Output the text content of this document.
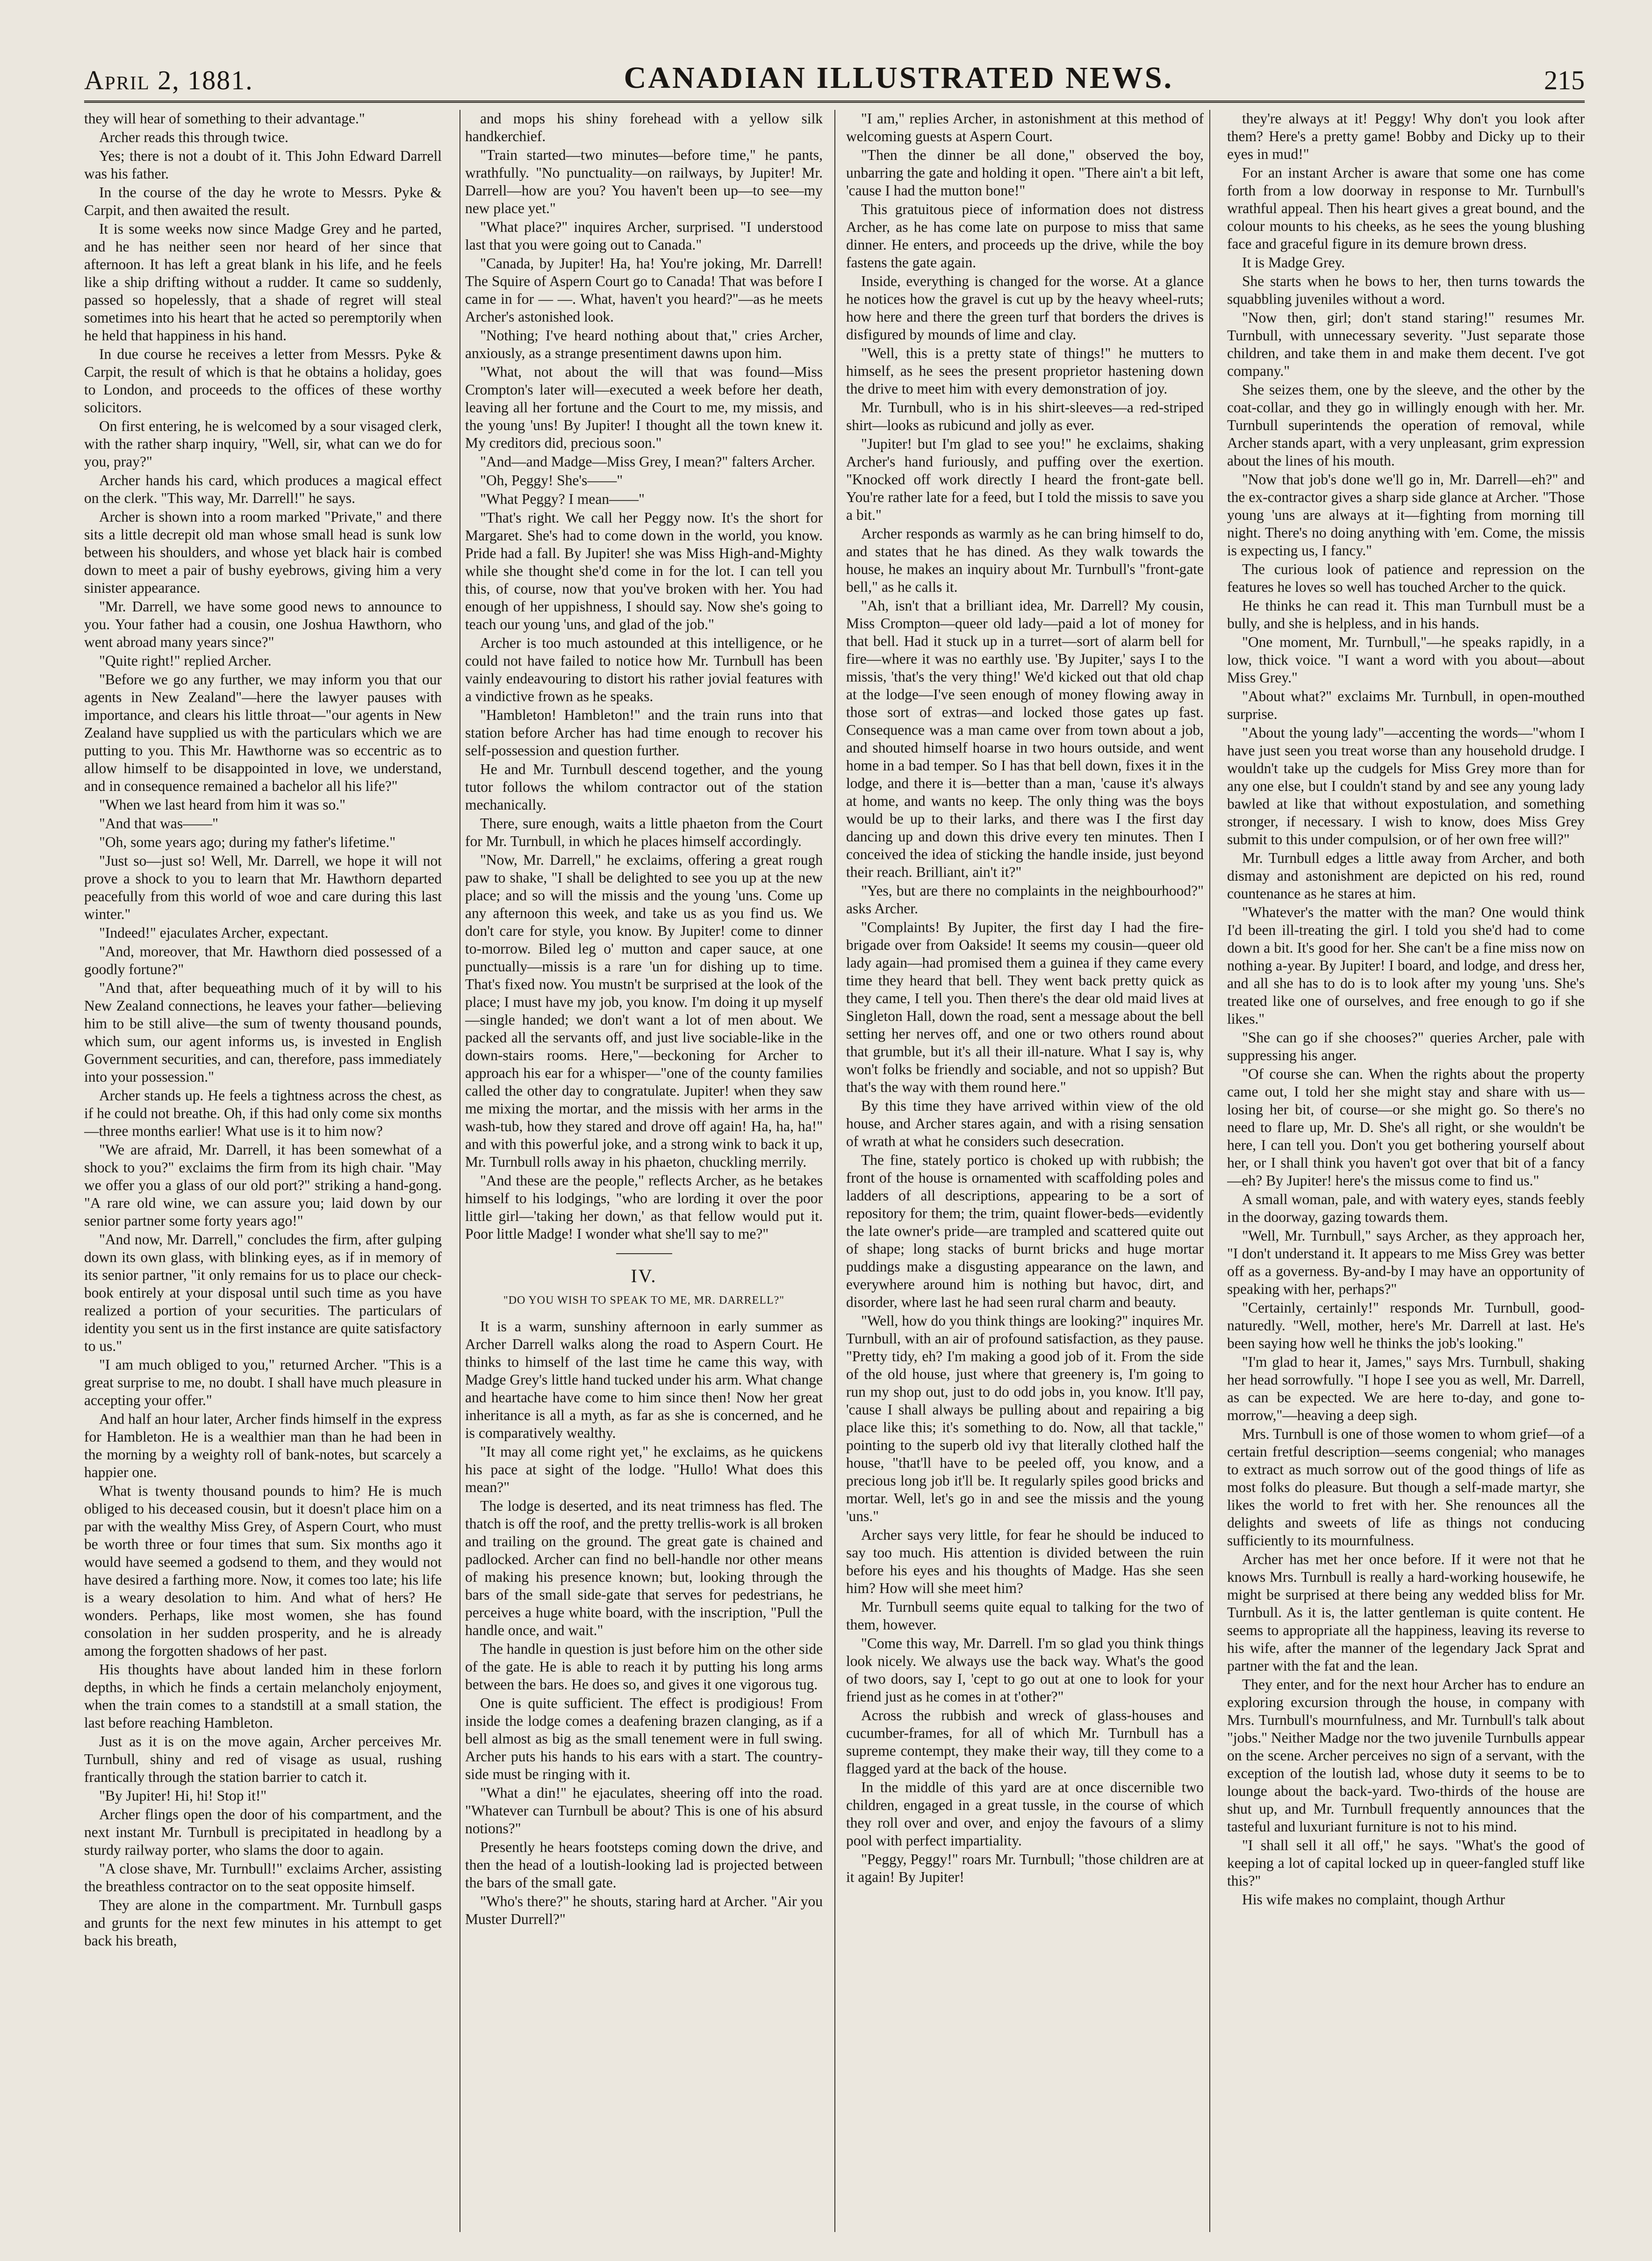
April 2, 1881.	CANADIAN ILLUSTRATED NEWS.	215

they will hear of something to their advantage."

Archer reads this through twice.

Yes; there is not a doubt of it. This John Edward Darrell was his father.

In the course of the day he wrote to Messrs. Pyke & Carpit, and then awaited the result.

It is some weeks now since Madge Grey and he parted, and he has neither seen nor heard of her since that afternoon. It has left a great blank in his life, and he feels like a ship drifting without a rudder. It came so suddenly, passed so hopelessly, that a shade of regret will steal sometimes into his heart that he acted so peremptorily when he held that happiness in his hand.

In due course he receives a letter from Messrs. Pyke & Carpit, the result of which is that he obtains a holiday, goes to London, and proceeds to the offices of these worthy solicitors.

On first entering, he is welcomed by a sour visaged clerk, with the rather sharp inquiry, "Well, sir, what can we do for you, pray?"

Archer hands his card, which produces a magical effect on the clerk. "This way, Mr. Darrell!" he says.

Archer is shown into a room marked "Private," and there sits a little decrepit old man whose small head is sunk low between his shoulders, and whose yet black hair is combed down to meet a pair of bushy eyebrows, giving him a very sinister appearance.

"Mr. Darrell, we have some good news to announce to you. Your father had a cousin, one Joshua Hawthorn, who went abroad many years since?"

"Quite right!" replied Archer.

"Before we go any further, we may inform you that our agents in New Zealand"—here the lawyer pauses with importance, and clears his little throat—"our agents in New Zealand have supplied us with the particulars which we are putting to you. This Mr. Hawthorne was so eccentric as to allow himself to be disappointed in love, we understand, and in consequence remained a bachelor all his life?"

"When we last heard from him it was so."

"And that was——"

"Oh, some years ago; during my father's lifetime."

"Just so—just so! Well, Mr. Darrell, we hope it will not prove a shock to you to learn that Mr. Hawthorn departed peacefully from this world of woe and care during this last winter."

"Indeed!" ejaculates Archer, expectant.

"And, moreover, that Mr. Hawthorn died possessed of a goodly fortune?"

"And that, after bequeathing much of it by will to his New Zealand connections, he leaves your father—believing him to be still alive—the sum of twenty thousand pounds, which sum, our agent informs us, is invested in English Government securities, and can, therefore, pass immediately into your possession."

Archer stands up. He feels a tightness across the chest, as if he could not breathe. Oh, if this had only come six months—three months earlier! What use is it to him now?

"We are afraid, Mr. Darrell, it has been somewhat of a shock to you?" exclaims the firm from its high chair. "May we offer you a glass of our old port?" striking a hand-gong. "A rare old wine, we can assure you; laid down by our senior partner some forty years ago!"

"And now, Mr. Darrell," concludes the firm, after gulping down its own glass, with blinking eyes, as if in memory of its senior partner, "it only remains for us to place our check-book entirely at your disposal until such time as you have realized a portion of your securities. The particulars of identity you sent us in the first instance are quite satisfactory to us."

"I am much obliged to you," returned Archer. "This is a great surprise to me, no doubt. I shall have much pleasure in accepting your offer."

And half an hour later, Archer finds himself in the express for Hambleton. He is a wealthier man than he had been in the morning by a weighty roll of bank-notes, but scarcely a happier one.

What is twenty thousand pounds to him? He is much obliged to his deceased cousin, but it doesn't place him on a par with the wealthy Miss Grey, of Aspern Court, who must be worth three or four times that sum. Six months ago it would have seemed a godsend to them, and they would not have desired a farthing more. Now, it comes too late; his life is a weary desolation to him. And what of hers? He wonders. Perhaps, like most women, she has found consolation in her sudden prosperity, and he is already among the forgotten shadows of her past.

His thoughts have about landed him in these forlorn depths, in which he finds a certain melancholy enjoyment, when the train comes to a standstill at a small station, the last before reaching Hambleton.

Just as it is on the move again, Archer perceives Mr. Turnbull, shiny and red of visage as usual, rushing frantically through the station barrier to catch it.

"By Jupiter! Hi, hi! Stop it!"

Archer flings open the door of his compartment, and the next instant Mr. Turnbull is precipitated in headlong by a sturdy railway porter, who slams the door to again.

"A close shave, Mr. Turnbull!" exclaims Archer, assisting the breathless contractor on to the seat opposite himself.

They are alone in the compartment. Mr. Turnbull gasps and grunts for the next few minutes in his attempt to get back his breath,

and mops his shiny forehead with a yellow silk handkerchief.

"Train started—two minutes—before time," he pants, wrathfully. "No punctuality—on railways, by Jupiter! Mr. Darrell—how are you? You haven't been up—to see—my new place yet."

"What place?" inquires Archer, surprised. "I understood last that you were going out to Canada."

"Canada, by Jupiter! Ha, ha! You're joking, Mr. Darrell! The Squire of Aspern Court go to Canada! That was before I came in for — —. What, haven't you heard?"—as he meets Archer's astonished look.

"Nothing; I've heard nothing about that," cries Archer, anxiously, as a strange presentiment dawns upon him.

"What, not about the will that was found—Miss Crompton's later will—executed a week before her death, leaving all her fortune and the Court to me, my missis, and the young 'uns! By Jupiter! I thought all the town knew it. My creditors did, precious soon."

"And—and Madge—Miss Grey, I mean?" falters Archer.

"Oh, Peggy! She's——"

"What Peggy? I mean——"

"That's right. We call her Peggy now. It's the short for Margaret. She's had to come down in the world, you know. Pride had a fall. By Jupiter! she was Miss High-and-Mighty while she thought she'd come in for the lot. I can tell you this, of course, now that you've broken with her. You had enough of her uppishness, I should say. Now she's going to teach our young 'uns, and glad of the job."

Archer is too much astounded at this intelligence, or he could not have failed to notice how Mr. Turnbull has been vainly endeavouring to distort his rather jovial features with a vindictive frown as he speaks.

"Hambleton! Hambleton!" and the train runs into that station before Archer has had time enough to recover his self-possession and question further.

He and Mr. Turnbull descend together, and the young tutor follows the whilom contractor out of the station mechanically.

There, sure enough, waits a little phaeton from the Court for Mr. Turnbull, in which he places himself accordingly.

"Now, Mr. Darrell," he exclaims, offering a great rough paw to shake, "I shall be delighted to see you up at the new place; and so will the missis and the young 'uns. Come up any afternoon this week, and take us as you find us. We don't care for style, you know. By Jupiter! come to dinner to-morrow. Biled leg o' mutton and caper sauce, at one punctually—missis is a rare 'un for dishing up to time. That's fixed now. You mustn't be surprised at the look of the place; I must have my job, you know. I'm doing it up myself—single handed; we don't want a lot of men about. We packed all the servants off, and just live sociable-like in the down-stairs rooms. Here,"—beckoning for Archer to approach his ear for a whisper—"one of the county families called the other day to congratulate. Jupiter! when they saw me mixing the mortar, and the missis with her arms in the wash-tub, how they stared and drove off again! Ha, ha, ha!" and with this powerful joke, and a strong wink to back it up, Mr. Turnbull rolls away in his phaeton, chuckling merrily.

"And these are the people," reflects Archer, as he betakes himself to his lodgings, "who are lording it over the poor little girl—'taking her down,' as that fellow would put it. Poor little Madge! I wonder what she'll say to me?"

IV.
"DO YOU WISH TO SPEAK TO ME, MR. DARRELL?"

It is a warm, sunshiny afternoon in early summer as Archer Darrell walks along the road to Aspern Court. He thinks to himself of the last time he came this way, with Madge Grey's little hand tucked under his arm. What change and heartache have come to him since then! Now her great inheritance is all a myth, as far as she is concerned, and he is comparatively wealthy.

"It may all come right yet," he exclaims, as he quickens his pace at sight of the lodge. "Hullo! What does this mean?"

The lodge is deserted, and its neat trimness has fled. The thatch is off the roof, and the pretty trellis-work is all broken and trailing on the ground. The great gate is chained and padlocked. Archer can find no bell-handle nor other means of making his presence known; but, looking through the bars of the small side-gate that serves for pedestrians, he perceives a huge white board, with the inscription, "Pull the handle once, and wait."

The handle in question is just before him on the other side of the gate. He is able to reach it by putting his long arms between the bars. He does so, and gives it one vigorous tug.

One is quite sufficient. The effect is prodigious! From inside the lodge comes a deafening brazen clanging, as if a bell almost as big as the small tenement were in full swing. Archer puts his hands to his ears with a start. The country-side must be ringing with it.

"What a din!" he ejaculates, sheering off into the road. "Whatever can Turnbull be about? This is one of his absurd notions?"

Presently he hears footsteps coming down the drive, and then the head of a loutish-looking lad is projected between the bars of the small gate.

"Who's there?" he shouts, staring hard at Archer. "Air you Muster Durrell?"

"I am," replies Archer, in astonishment at this method of welcoming guests at Aspern Court.

"Then the dinner be all done," observed the boy, unbarring the gate and holding it open. "There ain't a bit left, 'cause I had the mutton bone!"

This gratuitous piece of information does not distress Archer, as he has come late on purpose to miss that same dinner. He enters, and proceeds up the drive, while the boy fastens the gate again.

Inside, everything is changed for the worse. At a glance he notices how the gravel is cut up by the heavy wheel-ruts; how here and there the green turf that borders the drives is disfigured by mounds of lime and clay.

"Well, this is a pretty state of things!" he mutters to himself, as he sees the present proprietor hastening down the drive to meet him with every demonstration of joy.

Mr. Turnbull, who is in his shirt-sleeves—a red-striped shirt—looks as rubicund and jolly as ever.

"Jupiter! but I'm glad to see you!" he exclaims, shaking Archer's hand furiously, and puffing over the exertion. "Knocked off work directly I heard the front-gate bell. You're rather late for a feed, but I told the missis to save you a bit."

Archer responds as warmly as he can bring himself to do, and states that he has dined. As they walk towards the house, he makes an inquiry about Mr. Turnbull's "front-gate bell," as he calls it.

"Ah, isn't that a brilliant idea, Mr. Darrell? My cousin, Miss Crompton—queer old lady—paid a lot of money for that bell. Had it stuck up in a turret—sort of alarm bell for fire—where it was no earthly use. 'By Jupiter,' says I to the missis, 'that's the very thing!' We'd kicked out that old chap at the lodge—I've seen enough of money flowing away in those sort of extras—and locked those gates up fast. Consequence was a man came over from town about a job, and shouted himself hoarse in two hours outside, and went home in a bad temper. So I has that bell down, fixes it in the lodge, and there it is—better than a man, 'cause it's always at home, and wants no keep. The only thing was the boys would be up to their larks, and there was I the first day dancing up and down this drive every ten minutes. Then I conceived the idea of sticking the handle inside, just beyond their reach. Brilliant, ain't it?"

"Yes, but are there no complaints in the neighbourhood?" asks Archer.

"Complaints! By Jupiter, the first day I had the fire-brigade over from Oakside! It seems my cousin—queer old lady again—had promised them a guinea if they came every time they heard that bell. They went back pretty quick as they came, I tell you. Then there's the dear old maid lives at Singleton Hall, down the road, sent a message about the bell setting her nerves off, and one or two others round about that grumble, but it's all their ill-nature. What I say is, why won't folks be friendly and sociable, and not so uppish? But that's the way with them round here."

By this time they have arrived within view of the old house, and Archer stares again, and with a rising sensation of wrath at what he considers such desecration.

The fine, stately portico is choked up with rubbish; the front of the house is ornamented with scaffolding poles and ladders of all descriptions, appearing to be a sort of repository for them; the trim, quaint flower-beds—evidently the late owner's pride—are trampled and scattered quite out of shape; long stacks of burnt bricks and huge mortar puddings make a disgusting appearance on the lawn, and everywhere around him is nothing but havoc, dirt, and disorder, where last he had seen rural charm and beauty.

"Well, how do you think things are looking?" inquires Mr. Turnbull, with an air of profound satisfaction, as they pause. "Pretty tidy, eh? I'm making a good job of it. From the side of the old house, just where that greenery is, I'm going to run my shop out, just to do odd jobs in, you know. It'll pay, 'cause I shall always be pulling about and repairing a big place like this; it's something to do. Now, all that tackle," pointing to the superb old ivy that literally clothed half the house, "that'll have to be peeled off, you know, and a precious long job it'll be. It regularly spiles good bricks and mortar. Well, let's go in and see the missis and the young 'uns."

Archer says very little, for fear he should be induced to say too much. His attention is divided between the ruin before his eyes and his thoughts of Madge. Has she seen him? How will she meet him?

Mr. Turnbull seems quite equal to talking for the two of them, however.

"Come this way, Mr. Darrell. I'm so glad you think things look nicely. We always use the back way. What's the good of two doors, say I, 'cept to go out at one to look for your friend just as he comes in at t'other?"

Across the rubbish and wreck of glass-houses and cucumber-frames, for all of which Mr. Turnbull has a supreme contempt, they make their way, till they come to a flagged yard at the back of the house.

In the middle of this yard are at once discernible two children, engaged in a great tussle, in the course of which they roll over and over, and enjoy the favours of a slimy pool with perfect impartiality.

"Peggy, Peggy!" roars Mr. Turnbull; "those children are at it again! By Jupiter!

they're always at it! Peggy! Why don't you look after them? Here's a pretty game! Bobby and Dicky up to their eyes in mud!"

For an instant Archer is aware that some one has come forth from a low doorway in response to Mr. Turnbull's wrathful appeal. Then his heart gives a great bound, and the colour mounts to his cheeks, as he sees the young blushing face and graceful figure in its demure brown dress.

It is Madge Grey.

She starts when he bows to her, then turns towards the squabbling juveniles without a word.

"Now then, girl; don't stand staring!" resumes Mr. Turnbull, with unnecessary severity. "Just separate those children, and take them in and make them decent. I've got company."

She seizes them, one by the sleeve, and the other by the coat-collar, and they go in willingly enough with her. Mr. Turnbull superintends the operation of removal, while Archer stands apart, with a very unpleasant, grim expression about the lines of his mouth.

"Now that job's done we'll go in, Mr. Darrell—eh?" and the ex-contractor gives a sharp side glance at Archer. "Those young 'uns are always at it—fighting from morning till night. There's no doing anything with 'em. Come, the missis is expecting us, I fancy."

The curious look of patience and repression on the features he loves so well has touched Archer to the quick.

He thinks he can read it. This man Turnbull must be a bully, and she is helpless, and in his hands.

"One moment, Mr. Turnbull,"—he speaks rapidly, in a low, thick voice. "I want a word with you about—about Miss Grey."

"About what?" exclaims Mr. Turnbull, in open-mouthed surprise.

"About the young lady"—accenting the words—"whom I have just seen you treat worse than any household drudge. I wouldn't take up the cudgels for Miss Grey more than for any one else, but I couldn't stand by and see any young lady bawled at like that without expostulation, and something stronger, if necessary. I wish to know, does Miss Grey submit to this under compulsion, or of her own free will?"

Mr. Turnbull edges a little away from Archer, and both dismay and astonishment are depicted on his red, round countenance as he stares at him.

"Whatever's the matter with the man? One would think I'd been ill-treating the girl. I told you she'd had to come down a bit. It's good for her. She can't be a fine miss now on nothing a-year. By Jupiter! I board, and lodge, and dress her, and all she has to do is to look after my young 'uns. She's treated like one of ourselves, and free enough to go if she likes."

"She can go if she chooses?" queries Archer, pale with suppressing his anger.

"Of course she can. When the rights about the property came out, I told her she might stay and share with us—losing her bit, of course—or she might go. So there's no need to flare up, Mr. D. She's all right, or she wouldn't be here, I can tell you. Don't you get bothering yourself about her, or I shall think you haven't got over that bit of a fancy—eh? By Jupiter! here's the missus come to find us."

A small woman, pale, and with watery eyes, stands feebly in the doorway, gazing towards them.

"Well, Mr. Turnbull," says Archer, as they approach her, "I don't understand it. It appears to me Miss Grey was better off as a governess. By-and-by I may have an opportunity of speaking with her, perhaps?"

"Certainly, certainly!" responds Mr. Turnbull, good-naturedly. "Well, mother, here's Mr. Darrell at last. He's been saying how well he thinks the job's looking."

"I'm glad to hear it, James," says Mrs. Turnbull, shaking her head sorrowfully. "I hope I see you as well, Mr. Darrell, as can be expected. We are here to-day, and gone to-morrow,"—heaving a deep sigh.

Mrs. Turnbull is one of those women to whom grief—of a certain fretful description—seems congenial; who manages to extract as much sorrow out of the good things of life as most folks do pleasure. But though a self-made martyr, she likes the world to fret with her. She renounces all the delights and sweets of life as things not conducing sufficiently to its mournfulness.

Archer has met her once before. If it were not that he knows Mrs. Turnbull is really a hard-working housewife, he might be surprised at there being any wedded bliss for Mr. Turnbull. As it is, the latter gentleman is quite content. He seems to appropriate all the happiness, leaving its reverse to his wife, after the manner of the legendary Jack Sprat and partner with the fat and the lean.

They enter, and for the next hour Archer has to endure an exploring excursion through the house, in company with Mrs. Turnbull's mournfulness, and Mr. Turnbull's talk about "jobs." Neither Madge nor the two juvenile Turnbulls appear on the scene. Archer perceives no sign of a servant, with the exception of the loutish lad, whose duty it seems to be to lounge about the back-yard. Two-thirds of the house are shut up, and Mr. Turnbull frequently announces that the tasteful and luxuriant furniture is not to his mind.

"I shall sell it all off," he says. "What's the good of keeping a lot of capital locked up in queer-fangled stuff like this?"

His wife makes no complaint, though Arthur
